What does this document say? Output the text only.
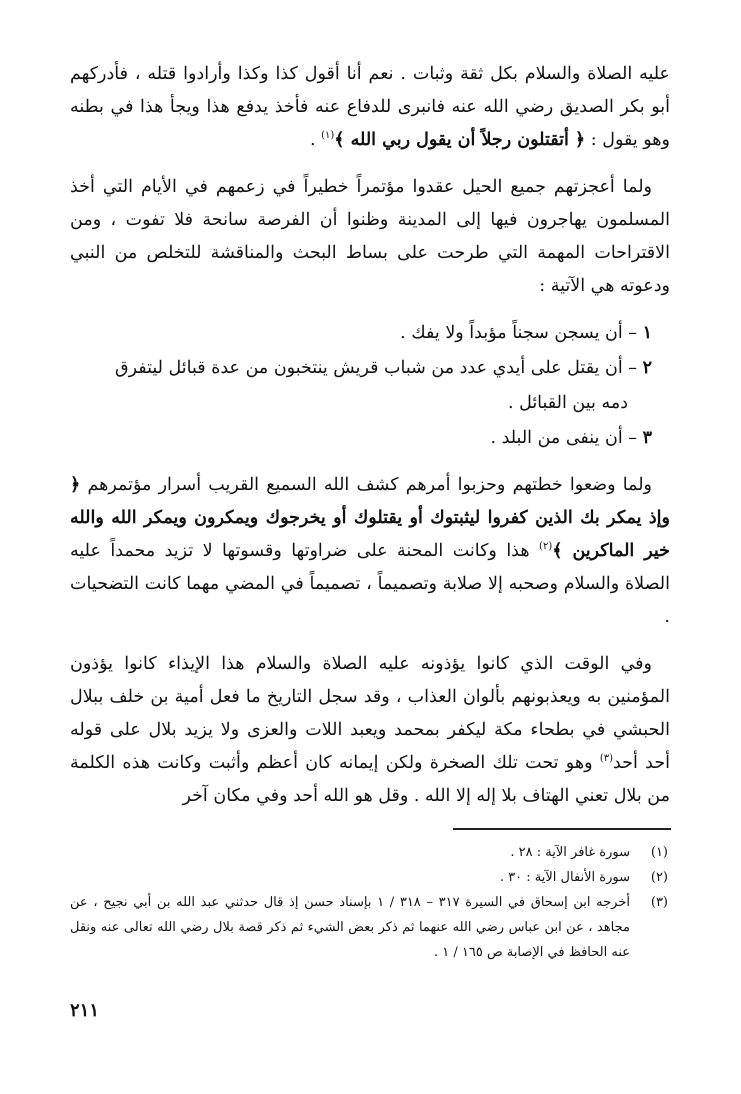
عليه الصلاة والسلام بكل ثقة وثبات . نعم أنا أقول كذا وكذا وأرادوا قتله ، فأدركهم أبو بكر الصديق رضي الله عنه فانبرى للدفاع عنه فأخذ يدفع هذا ويجأ هذا في بطنه وهو يقول : ﴿ أتقتلون رجلاً أن يقول ربي الله ﴾$^{(١)}$ .

ولما أعجزتهم جميع الحيل عقدوا مؤتمراً خطيراً في زعمهم في الأيام التي أخذ المسلمون يهاجرون فيها إلى المدينة وظنوا أن الفرصة سانحة فلا تفوت ، ومن الاقتراحات المهمة التي طرحت على بساط البحث والمناقشة للتخلص من النبي ودعوته هي الآتية :

١ – أن يسجن سجناً مؤبداً ولا يفك .

٢ – أن يقتل على أيدي عدد من شباب قريش ينتخبون من عدة قبائل ليتفرق

دمه بين القبائل .

٣ – أن ينفى من البلد .

ولما وضعوا خطتهم وحزبوا أمرهم كشف الله السميع القريب أسرار مؤتمرهم ﴿ وإذ يمكر بك الذين كفروا ليثبتوك أو يقتلوك أو يخرجوك ويمكرون ويمكر الله والله خير الماكرين ﴾$^{(٢)}$ هذا وكانت المحنة على ضراوتها وقسوتها لا تزيد محمداً عليه الصلاة والسلام وصحبه إلا صلابة وتصميماً ، تصميماً في المضي مهما كانت التضحيات .

وفي الوقت الذي كانوا يؤذونه عليه الصلاة والسلام هذا الإيذاء كانوا يؤذون المؤمنين به ويعذبونهم بألوان العذاب ، وقد سجل التاريخ ما فعل أمية بن خلف ببلال الحبشي في بطحاء مكة ليكفر بمحمد ويعبد اللات والعزى ولا يزيد بلال على قوله أحد أحد$^{(٣)}$ وهو تحت تلك الصخرة ولكن إيمانه كان أعظم وأثبت وكانت هذه الكلمة من بلال تعني الهتاف بلا إله إلا الله . وقل هو الله أحد وفي مكان آخر

(١)
سورة غافر الآية : ٢٨ .
(٢)
سورة الأنفال الآية : ٣٠ .
(٣)
أخرجه ابن إسحاق في السيرة ٣١٧ – ٣١٨ / ١ بإسناد حسن إذ قال حدثني عبد الله بن أبي نجيح ، عن مجاهد ، عن ابن عباس رضي الله عنهما ثم ذكر بعض الشيء ثم ذكر قصة بلال رضي الله تعالى عنه ونقل عنه الحافظ في الإصابة ص ١٦٥ / ١ .
٢١١
